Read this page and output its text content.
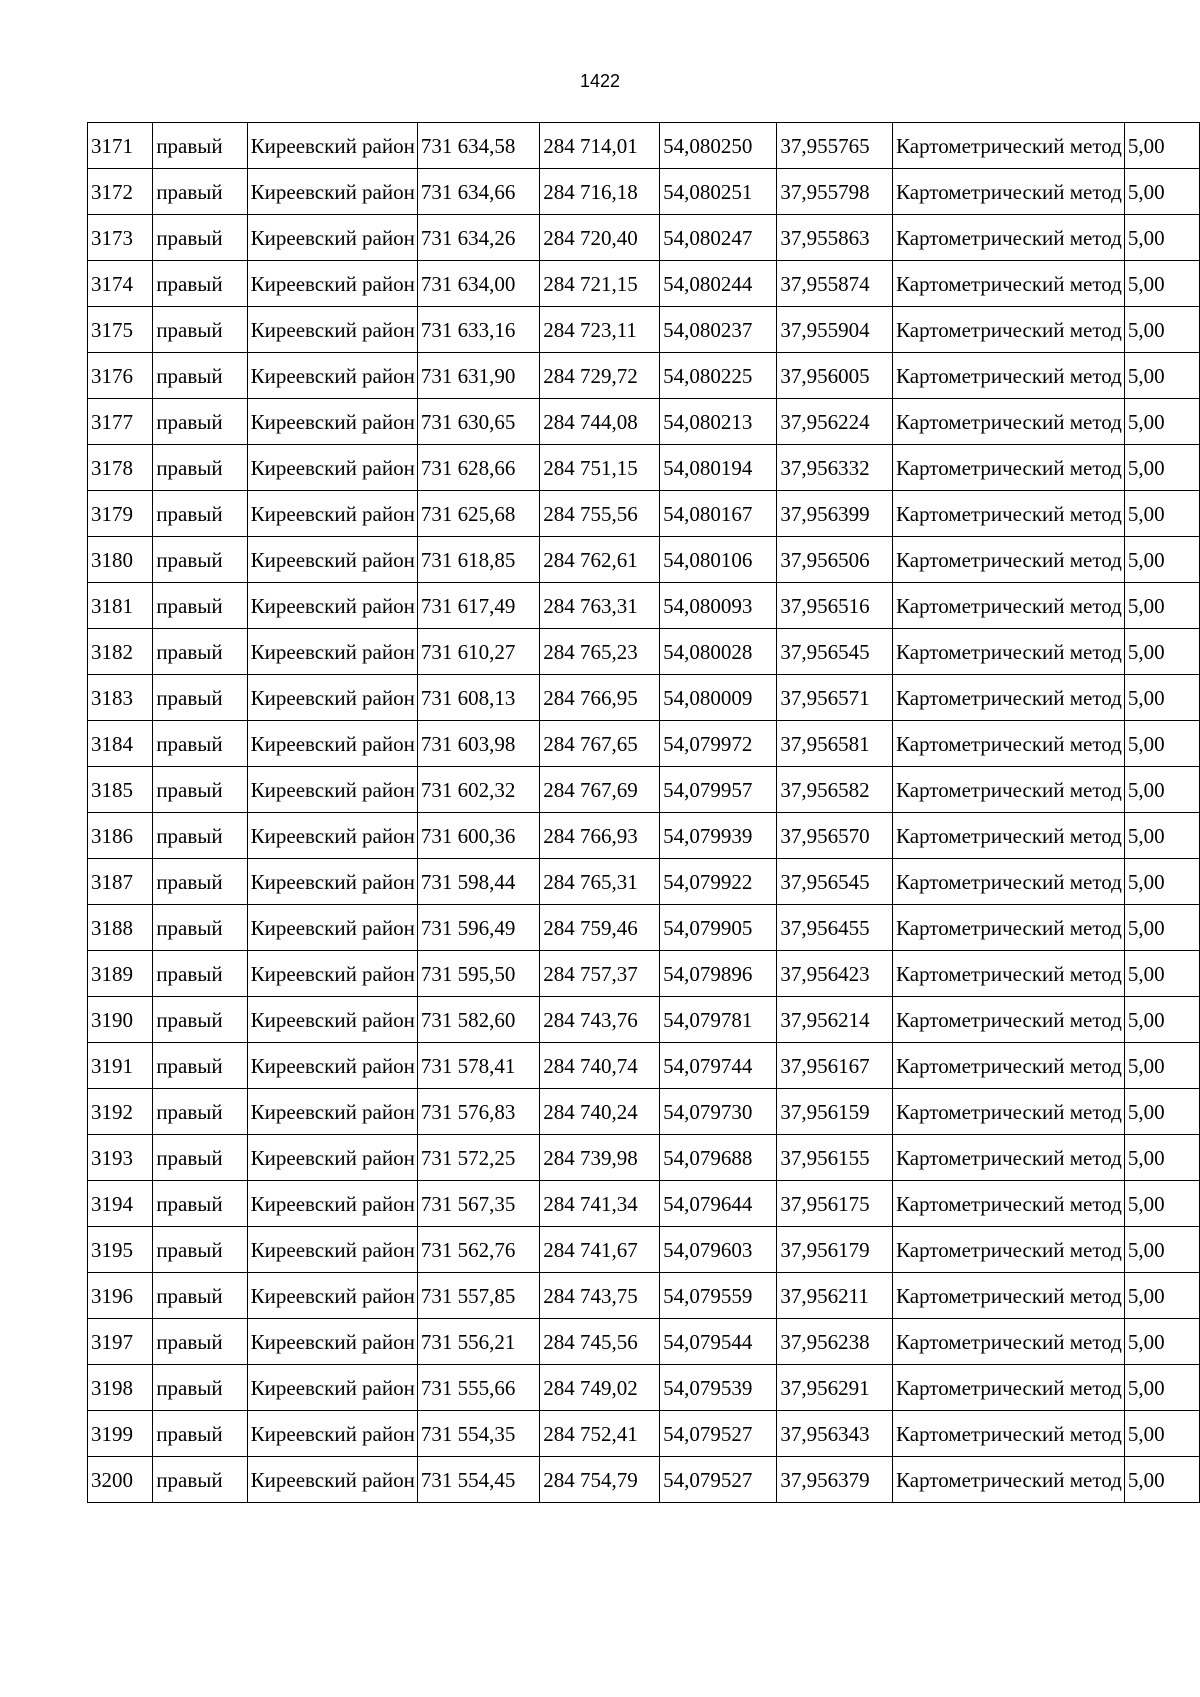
1422
3171	правый	Киреевский район	731 634,58	284 714,01	54,080250	37,955765	Картометрический метод	5,00
3172	правый	Киреевский район	731 634,66	284 716,18	54,080251	37,955798	Картометрический метод	5,00
3173	правый	Киреевский район	731 634,26	284 720,40	54,080247	37,955863	Картометрический метод	5,00
3174	правый	Киреевский район	731 634,00	284 721,15	54,080244	37,955874	Картометрический метод	5,00
3175	правый	Киреевский район	731 633,16	284 723,11	54,080237	37,955904	Картометрический метод	5,00
3176	правый	Киреевский район	731 631,90	284 729,72	54,080225	37,956005	Картометрический метод	5,00
3177	правый	Киреевский район	731 630,65	284 744,08	54,080213	37,956224	Картометрический метод	5,00
3178	правый	Киреевский район	731 628,66	284 751,15	54,080194	37,956332	Картометрический метод	5,00
3179	правый	Киреевский район	731 625,68	284 755,56	54,080167	37,956399	Картометрический метод	5,00
3180	правый	Киреевский район	731 618,85	284 762,61	54,080106	37,956506	Картометрический метод	5,00
3181	правый	Киреевский район	731 617,49	284 763,31	54,080093	37,956516	Картометрический метод	5,00
3182	правый	Киреевский район	731 610,27	284 765,23	54,080028	37,956545	Картометрический метод	5,00
3183	правый	Киреевский район	731 608,13	284 766,95	54,080009	37,956571	Картометрический метод	5,00
3184	правый	Киреевский район	731 603,98	284 767,65	54,079972	37,956581	Картометрический метод	5,00
3185	правый	Киреевский район	731 602,32	284 767,69	54,079957	37,956582	Картометрический метод	5,00
3186	правый	Киреевский район	731 600,36	284 766,93	54,079939	37,956570	Картометрический метод	5,00
3187	правый	Киреевский район	731 598,44	284 765,31	54,079922	37,956545	Картометрический метод	5,00
3188	правый	Киреевский район	731 596,49	284 759,46	54,079905	37,956455	Картометрический метод	5,00
3189	правый	Киреевский район	731 595,50	284 757,37	54,079896	37,956423	Картометрический метод	5,00
3190	правый	Киреевский район	731 582,60	284 743,76	54,079781	37,956214	Картометрический метод	5,00
3191	правый	Киреевский район	731 578,41	284 740,74	54,079744	37,956167	Картометрический метод	5,00
3192	правый	Киреевский район	731 576,83	284 740,24	54,079730	37,956159	Картометрический метод	5,00
3193	правый	Киреевский район	731 572,25	284 739,98	54,079688	37,956155	Картометрический метод	5,00
3194	правый	Киреевский район	731 567,35	284 741,34	54,079644	37,956175	Картометрический метод	5,00
3195	правый	Киреевский район	731 562,76	284 741,67	54,079603	37,956179	Картометрический метод	5,00
3196	правый	Киреевский район	731 557,85	284 743,75	54,079559	37,956211	Картометрический метод	5,00
3197	правый	Киреевский район	731 556,21	284 745,56	54,079544	37,956238	Картометрический метод	5,00
3198	правый	Киреевский район	731 555,66	284 749,02	54,079539	37,956291	Картометрический метод	5,00
3199	правый	Киреевский район	731 554,35	284 752,41	54,079527	37,956343	Картометрический метод	5,00
3200	правый	Киреевский район	731 554,45	284 754,79	54,079527	37,956379	Картометрический метод	5,00
